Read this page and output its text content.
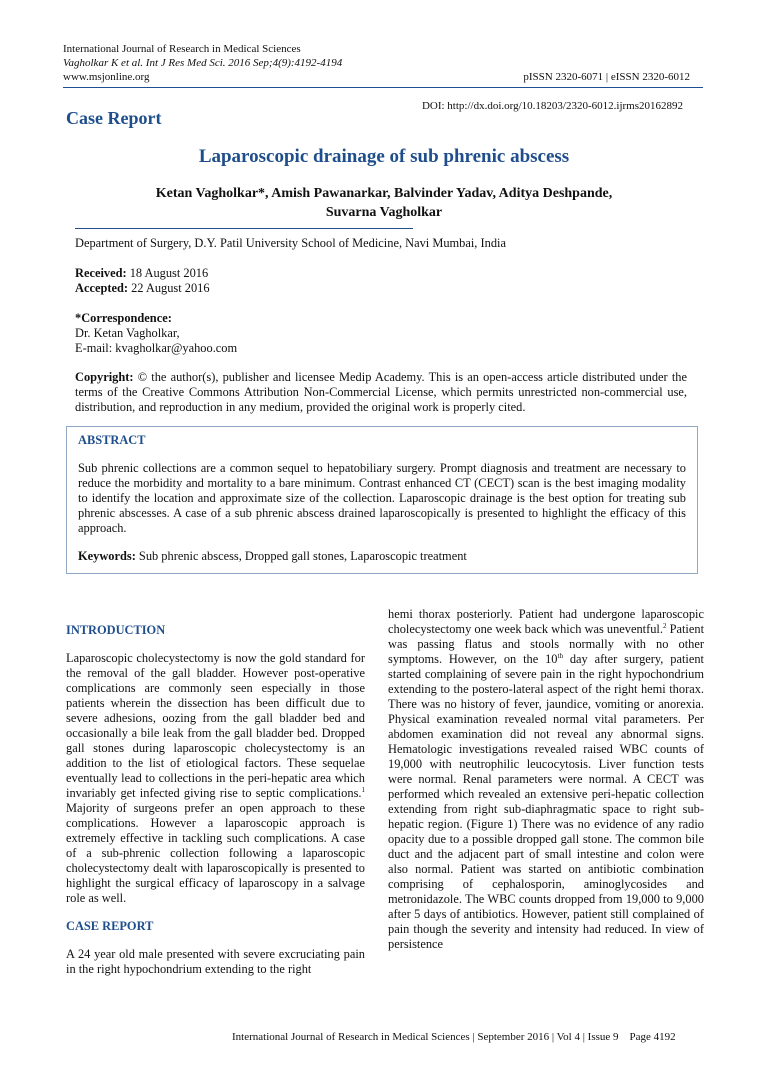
International Journal of Research in Medical Sciences
Vagholkar K et al. Int J Res Med Sci. 2016 Sep;4(9):4192-4194
www.msjonline.org	pISSN 2320-6071 | eISSN 2320-6012
DOI: http://dx.doi.org/10.18203/2320-6012.ijrms20162892
Case Report
Laparoscopic drainage of sub phrenic abscess
Ketan Vagholkar*, Amish Pawanarkar, Balvinder Yadav, Aditya Deshpande,
Suvarna Vagholkar
Department of Surgery, D.Y. Patil University School of Medicine, Navi Mumbai, India
Received: 18 August 2016
Accepted: 22 August 2016
*Correspondence:
Dr. Ketan Vagholkar,
E-mail: kvagholkar@yahoo.com
Copyright: © the author(s), publisher and licensee Medip Academy. This is an open-access article distributed under the terms of the Creative Commons Attribution Non-Commercial License, which permits unrestricted non-commercial use, distribution, and reproduction in any medium, provided the original work is properly cited.
ABSTRACT

Sub phrenic collections are a common sequel to hepatobiliary surgery. Prompt diagnosis and treatment are necessary to reduce the morbidity and mortality to a bare minimum. Contrast enhanced CT (CECT) scan is the best imaging modality to identify the location and approximate size of the collection. Laparoscopic drainage is the best option for treating sub phrenic abscesses. A case of a sub phrenic abscess drained laparoscopically is presented to highlight the efficacy of this approach.

Keywords: Sub phrenic abscess, Dropped gall stones, Laparoscopic treatment

INTRODUCTION

Laparoscopic cholecystectomy is now the gold standard for the removal of the gall bladder. However post-operative complications are commonly seen especially in those patients wherein the dissection has been difficult due to severe adhesions, oozing from the gall bladder bed and occasionally a bile leak from the gall bladder bed. Dropped gall stones during laparoscopic cholecystectomy is an addition to the list of etiological factors. These sequelae eventually lead to collections in the peri-hepatic area which invariably get infected giving rise to septic complications.$^1$ Majority of surgeons prefer an open approach to these complications. However a laparoscopic approach is extremely effective in tackling such complications. A case of a sub-phrenic collection following a laparoscopic cholecystectomy dealt with laparoscopically is presented to highlight the surgical efficacy of laparoscopy in a salvage role as well.

CASE REPORT

A 24 year old male presented with severe excruciating pain in the right hypochondrium extending to the right

hemi thorax posteriorly. Patient had undergone laparoscopic cholecystectomy one week back which was uneventful.$^2$ Patient was passing flatus and stools normally with no other symptoms. However, on the 10th day after surgery, patient started complaining of severe pain in the right hypochondrium extending to the postero-lateral aspect of the right hemi thorax. There was no history of fever, jaundice, vomiting or anorexia. Physical examination revealed normal vital parameters. Per abdomen examination did not reveal any abnormal signs. Hematologic investigations revealed raised WBC counts of 19,000 with neutrophilic leucocytosis. Liver function tests were normal. Renal parameters were normal. A CECT was performed which revealed an extensive peri-hepatic collection extending from right sub-diaphragmatic space to right sub-hepatic region. (Figure 1) There was no evidence of any radio opacity due to a possible dropped gall stone. The common bile duct and the adjacent part of small intestine and colon were also normal. Patient was started on antibiotic combination comprising of cephalosporin, aminoglycosides and metronidazole. The WBC counts dropped from 19,000 to 9,000 after 5 days of antibiotics. However, patient still complained of pain though the severity and intensity had reduced. In view of persistence

International Journal of Research in Medical Sciences | September 2016 | Vol 4 | Issue 9    Page 4192
